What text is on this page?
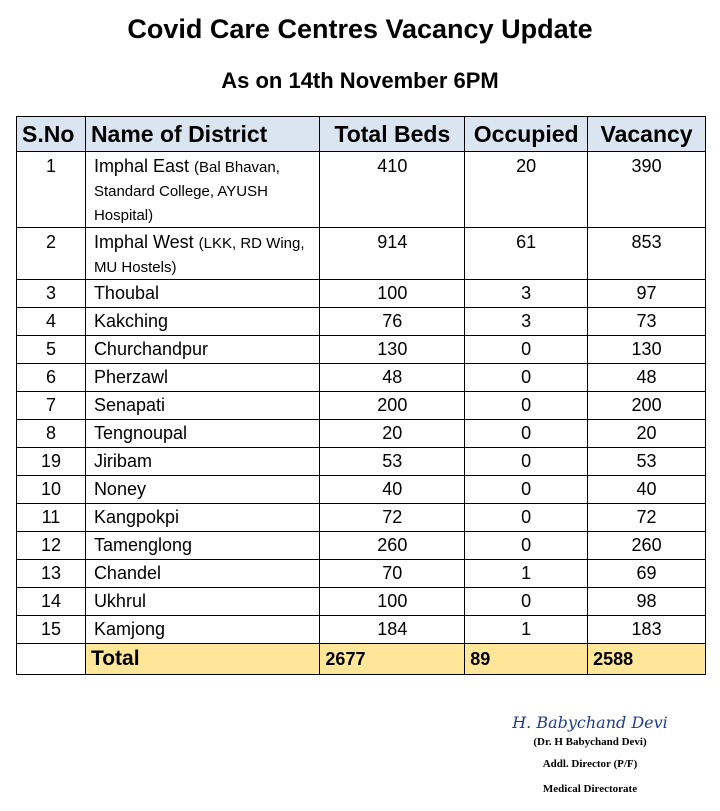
Covid Care Centres Vacancy Update
As on 14th November 6PM
S.No	Name of District	Total Beds	Occupied	Vacancy
1	Imphal East (Bal Bhavan, Standard College, AYUSH Hospital)	410	20	390
2	Imphal West (LKK, RD Wing, MU Hostels)	914	61	853
3	Thoubal	100	3	97
4	Kakching	76	3	73
5	Churchandpur	130	0	130
6	Pherzawl	48	0	48
7	Senapati	200	0	200
8	Tengnoupal	20	0	20
19	Jiribam	53	0	53
10	Noney	40	0	40
11	Kangpokpi	72	0	72
12	Tamenglong	260	0	260
13	Chandel	70	1	69
14	Ukhrul	100	0	98
15	Kamjong	184	1	183
	Total	2677	89	2588
H. Babychand Devi
(Dr. H Babychand Devi)
Addl. Director (P/F)
Medical Directorate
